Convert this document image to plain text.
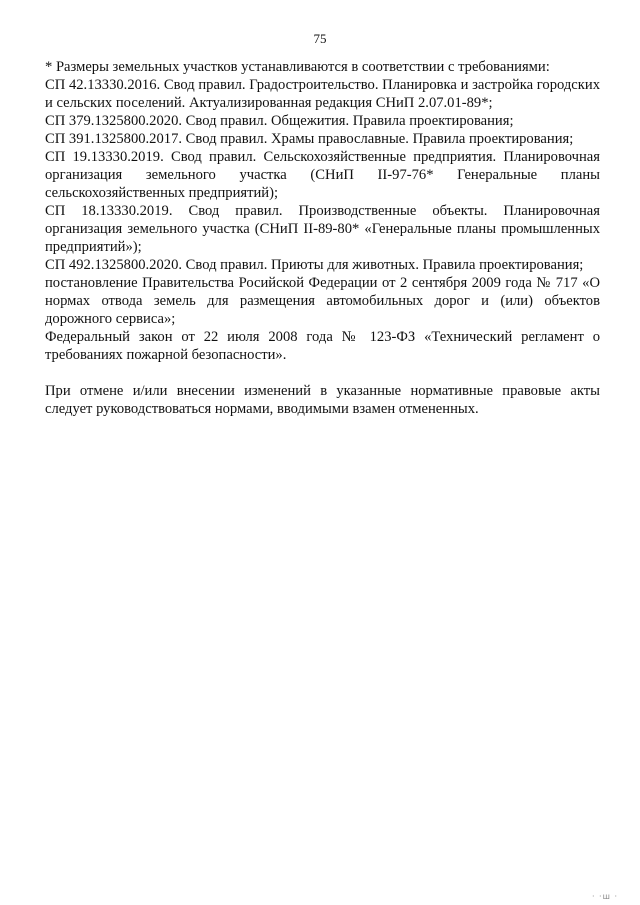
75

* Размеры земельных участков устанавливаются в соответствии с требованиями:

СП 42.13330.2016. Свод правил. Градостроительство. Планировка и застройка городских и сельских поселений. Актуализированная редакция СНиП 2.07.01-89*;

СП 379.1325800.2020. Свод правил. Общежития. Правила проектирования;

СП 391.1325800.2017. Свод правил. Храмы православные. Правила проектирования;

СП 19.13330.2019. Свод правил. Сельскохозяйственные предприятия. Планировочная организация земельного участка (СНиП II-97-76* Генеральные планы сельскохозяйственных предприятий);

СП 18.13330.2019. Свод правил. Производственные объекты. Планировочная организация земельного участка (СНиП II-89-80* «Генеральные планы промышленных предприятий»);

СП 492.1325800.2020. Свод правил. Приюты для животных. Правила проектирования;

постановление Правительства Росийской Федерации от 2 сентября 2009 года № 717 «О нормах отвода земель для размещения автомобильных дорог и (или) объектов дорожного сервиса»;

Федеральный закон от 22 июля 2008 года № 123-ФЗ «Технический регламент о требованиях пожарной безопасности».

При отмене и/или внесении изменений в указанные нормативные правовые акты следует руководствоваться нормами, вводимыми взамен отмененных.

· ·ш ·
